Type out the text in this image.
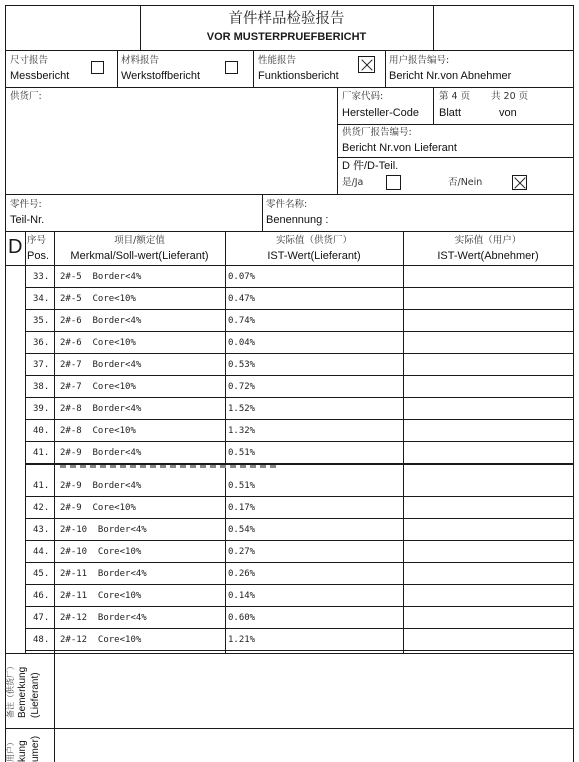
首件样品检验报告
VOR MUSTERPRUEFBERICHT
尺寸报告
Messbericht
材料报告
Werkstoffbericht
性能报告
Funktionsbericht
用户报告编号:
Bericht Nr.von Abnehmer
供货厂:	厂家代码:
Hersteller-Code
第 4 页 共 20 页
Blatt	von
供货厂报告编号:
Bericht Nr.von Lieferant
D 件/D-Teil.
是/Ja	否/Nein
零件号:
Teil-Nr.
零件名称:
Benennung :
D 序号
Pos.
项目/额定值
Merkmal/Soll-wert(Lieferant)
实际值（供货厂）
IST-Wert(Lieferant)
实际值（用户）
IST-Wert(Abnehmer)
33. 2#-5  Border<4%	0.07%
34. 2#-5  Core<10%	0.47%
35. 2#-6  Border<4%	0.74%
36. 2#-6  Core<10%	0.04%
37. 2#-7  Border<4%	0.53%
38. 2#-7  Core<10%	0.72%
39. 2#-8  Border<4%	1.52%
40. 2#-8  Core<10%	1.32%
41. 2#-9  Border<4%	0.51%
41. 2#-9  Border<4%	0.51%
42. 2#-9  Core<10%	0.17%
43. 2#-10  Border<4%	0.54%
44. 2#-10  Core<10%	0.27%
45. 2#-11  Border<4%	0.26%
46. 2#-11  Core<10%	0.14%
47. 2#-12  Border<4%	0.60%
48. 2#-12  Core<10%	1.21%
备注（供货厂） Bemerkung (Lieferant)
用户） kung umer)
